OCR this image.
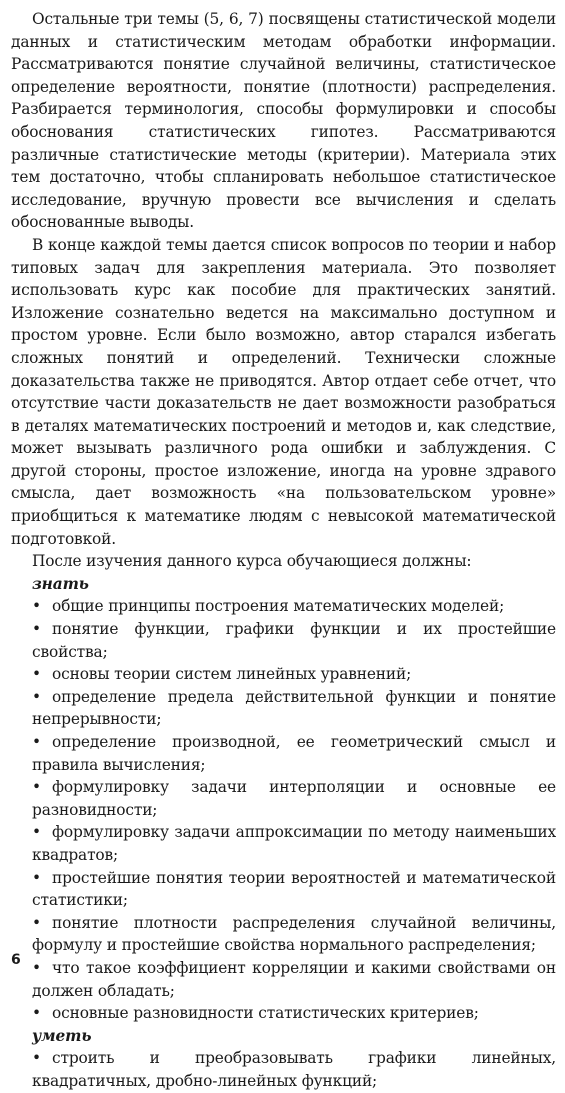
Остальные три темы (5, 6, 7) посвящены статистической модели данных и статистическим методам обработки информации. Рассматриваются понятие случайной величины, статистическое определение вероятности, понятие (плотности) распределения. Разбирается терминология, способы формулировки и способы обоснования статистических гипотез. Рассматриваются различные статистические методы (критерии). Материала этих тем достаточно, чтобы спланировать небольшое статистическое исследование, вручную провести все вычисления и сделать обоснованные выводы.

В конце каждой темы дается список вопросов по теории и набор типовых задач для закрепления материала. Это позволяет использовать курс как пособие для практических занятий. Изложение сознательно ведется на максимально доступном и простом уровне. Если было возможно, автор старался избегать сложных понятий и определений. Технически сложные доказательства также не приводятся. Автор отдает себе отчет, что отсутствие части доказательств не дает возможности разобраться в деталях математических построений и методов и, как следствие, может вызывать различного рода ошибки и заблуждения. С другой стороны, простое изложение, иногда на уровне здравого смысла, дает возможность «на пользовательском уровне» приобщиться к математике людям с невысокой математической подготовкой.

После изучения данного курса обучающиеся должны:

знать

• общие принципы построения математических моделей;

• понятие функции, графики функции и их простейшие свойства;

• основы теории систем линейных уравнений;

• определение предела действительной функции и понятие непрерывности;

• определение производной, ее геометрический смысл и правила вычисления;

• формулировку задачи интерполяции и основные ее разновидности;

• формулировку задачи аппроксимации по методу наименьших квадратов;

• простейшие понятия теории вероятностей и математической статистики;

• понятие плотности распределения случайной величины, формулу и простейшие свойства нормального распределения;

• что такое коэффициент корреляции и какими свойствами он должен обладать;

• основные разновидности статистических критериев;

уметь

• строить и преобразовывать графики линейных, квадратичных, дробно-линейных функций;

6
